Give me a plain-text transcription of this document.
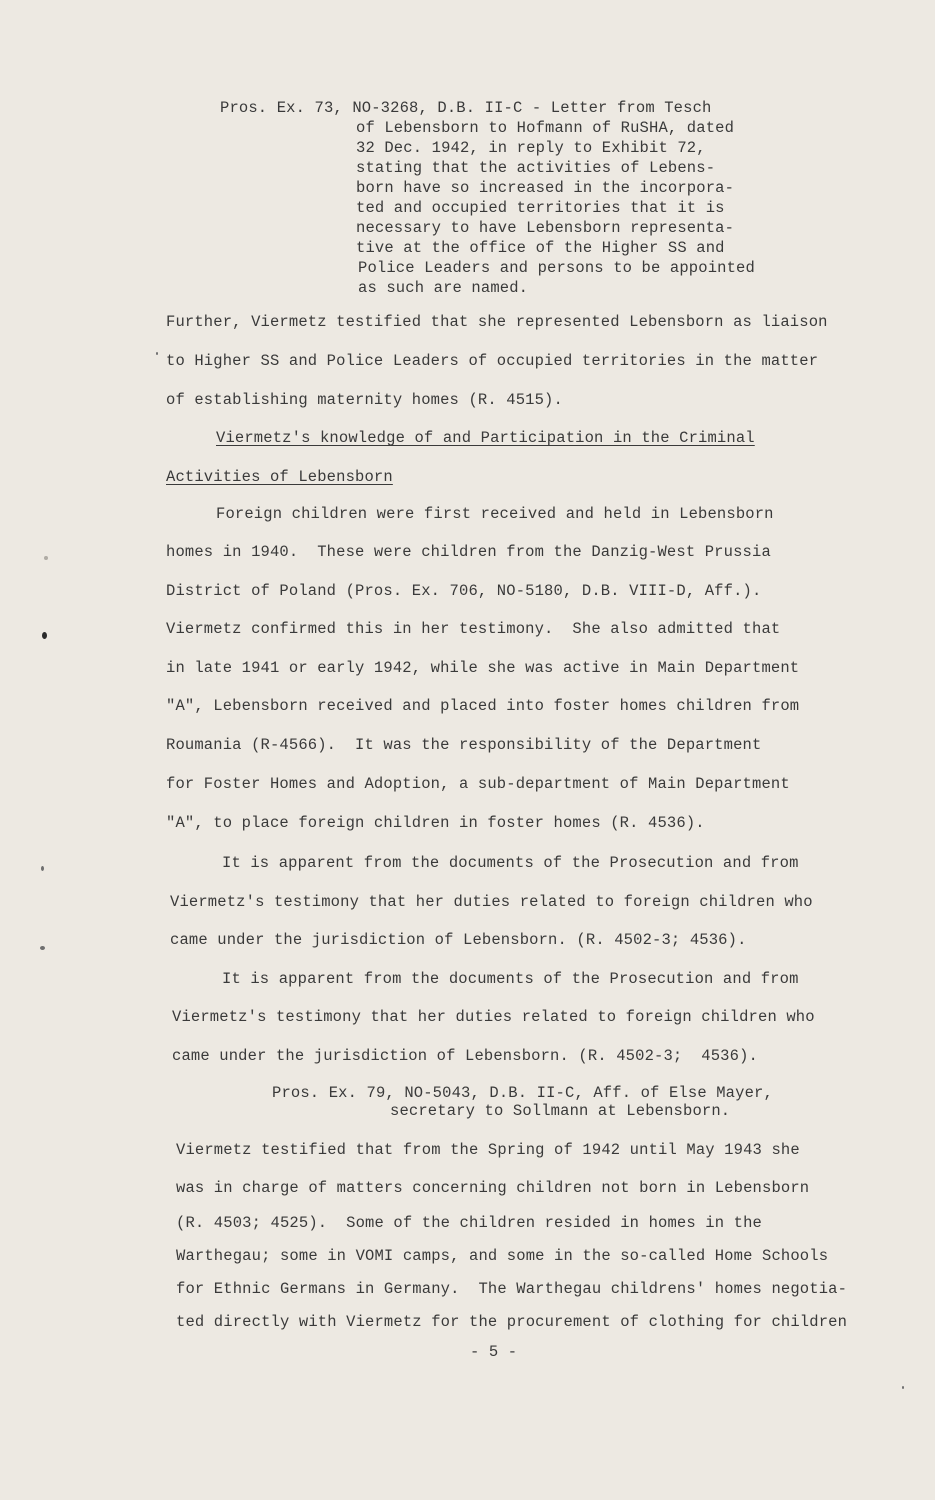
Pros. Ex. 73, NO-3268, D.B. II-C - Letter from Tesch
of Lebensborn to Hofmann of RuSHA, dated
32 Dec. 1942, in reply to Exhibit 72,
stating that the activities of Lebens-
born have so increased in the incorpora-
ted and occupied territories that it is
necessary to have Lebensborn representa-
tive at the office of the Higher SS and
Police Leaders and persons to be appointed
as such are named.
Further, Viermetz testified that she represented Lebensborn as liaison
to Higher SS and Police Leaders of occupied territories in the matter
of establishing maternity homes (R. 4515).
Viermetz's knowledge of and Participation in the Criminal
Activities of Lebensborn
Foreign children were first received and held in Lebensborn
homes in 1940.  These were children from the Danzig-West Prussia
District of Poland (Pros. Ex. 706, NO-5180, D.B. VIII-D, Aff.).
Viermetz confirmed this in her testimony.  She also admitted that
in late 1941 or early 1942, while she was active in Main Department
"A", Lebensborn received and placed into foster homes children from
Roumania (R-4566).  It was the responsibility of the Department
for Foster Homes and Adoption, a sub-department of Main Department
"A", to place foreign children in foster homes (R. 4536).
It is apparent from the documents of the Prosecution and from
Viermetz's testimony that her duties related to foreign children who
came under the jurisdiction of Lebensborn. (R. 4502-3; 4536).
It is apparent from the documents of the Prosecution and from
Viermetz's testimony that her duties related to foreign children who
came under the jurisdiction of Lebensborn. (R. 4502-3;  4536).
Pros. Ex. 79, NO-5043, D.B. II-C, Aff. of Else Mayer,
secretary to Sollmann at Lebensborn.
Viermetz testified that from the Spring of 1942 until May 1943 she
was in charge of matters concerning children not born in Lebensborn
(R. 4503; 4525).  Some of the children resided in homes in the
Warthegau; some in VOMI camps, and some in the so-called Home Schools
for Ethnic Germans in Germany.  The Warthegau childrens' homes negotia-
ted directly with Viermetz for the procurement of clothing for children
- 5 -
